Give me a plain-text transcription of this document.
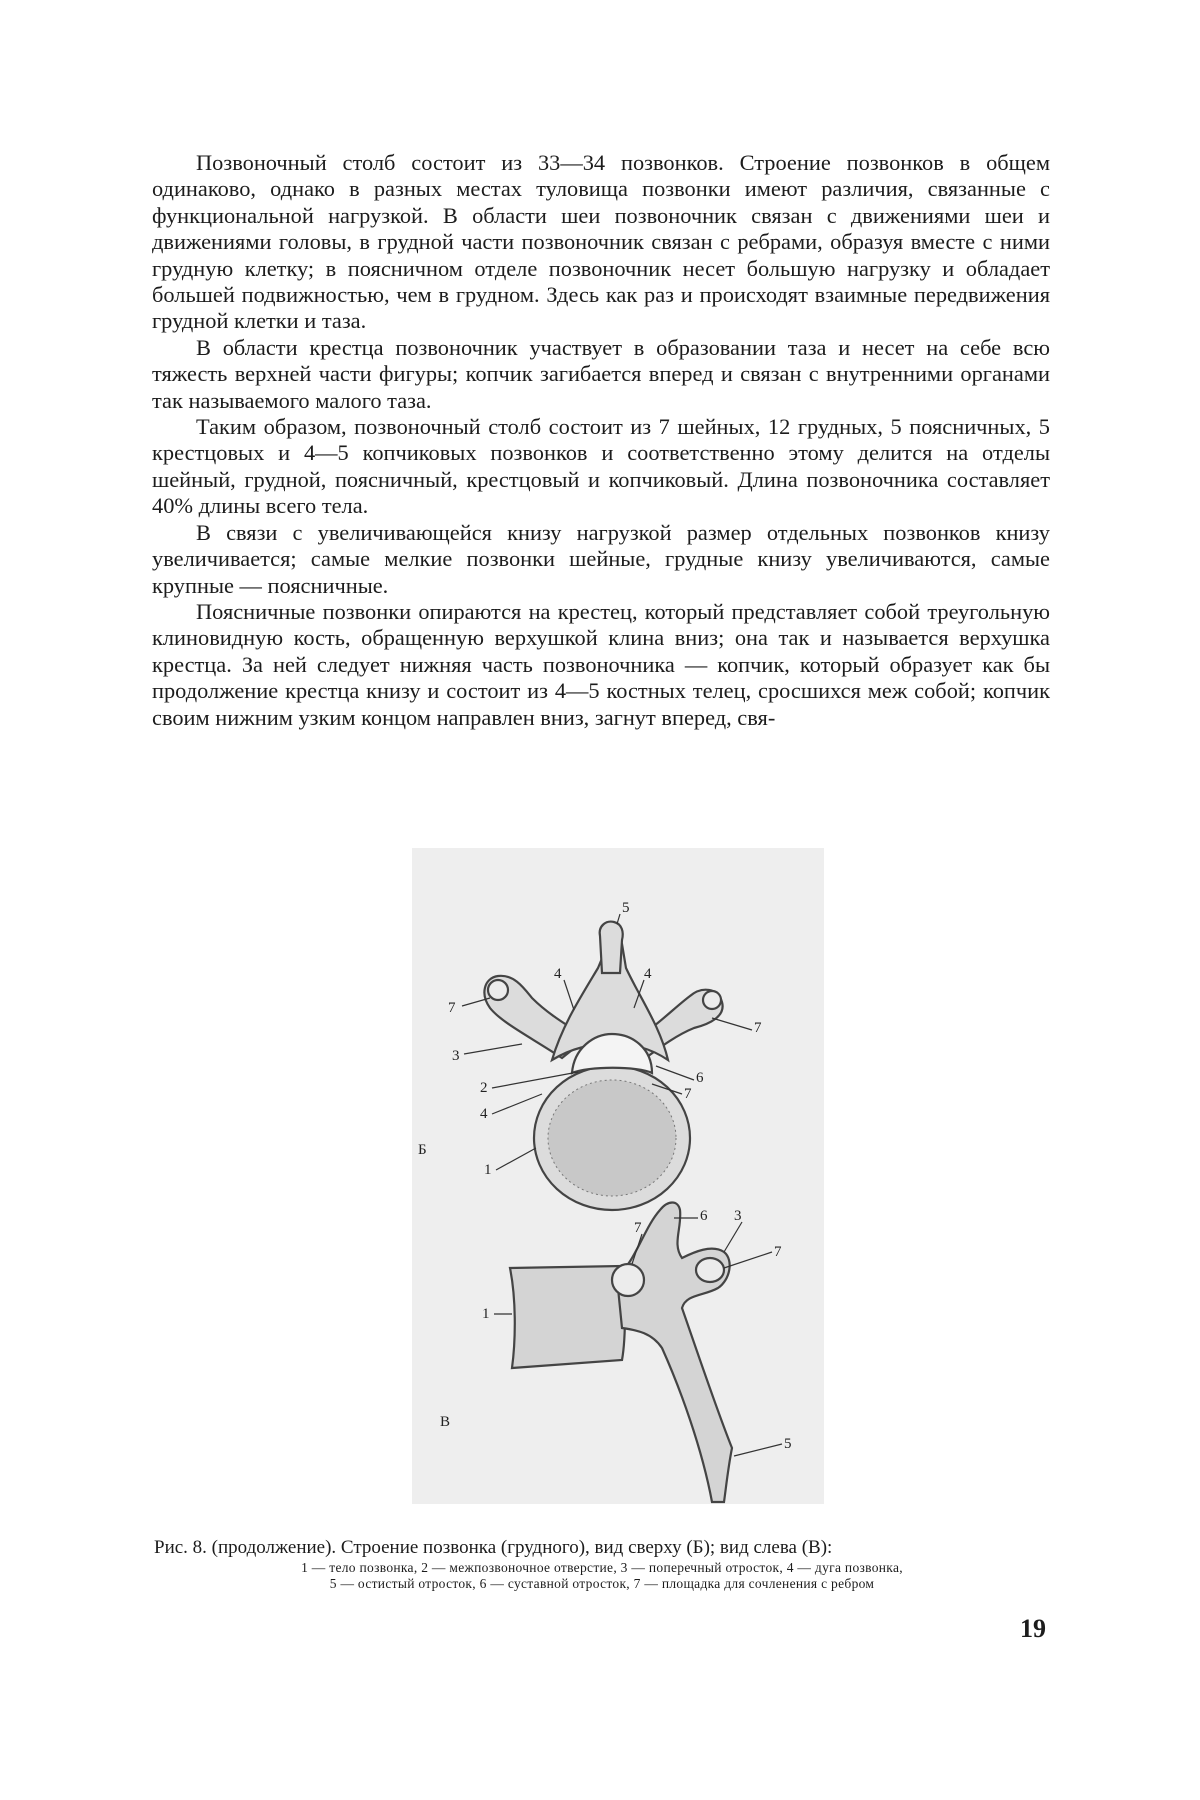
Позвоночный столб состоит из 33—34 позвонков. Строение позвонков в общем одинаково, однако в разных местах туловища позвонки имеют различия, связанные с функциональной нагрузкой. В области шеи позвоночник связан с движениями шеи и движениями головы, в грудной части позвоночник связан с ребрами, образуя вместе с ними грудную клетку; в поясничном отделе позвоночник несет большую нагрузку и обладает большей подвижностью, чем в грудном. Здесь как раз и происходят взаимные передвижения грудной клетки и таза.

В области крестца позвоночник участвует в образовании таза и несет на себе всю тяжесть верхней части фигуры; копчик загибается вперед и связан с внутренними органами так называемого малого таза.

Таким образом, позвоночный столб состоит из 7 шейных, 12 грудных, 5 поясничных, 5 крестцовых и 4—5 копчиковых позвонков и соответственно этому делится на отделы шейный, грудной, поясничный, крестцовый и копчиковый. Длина позвоночника составляет 40% длины всего тела.

В связи с увеличивающейся книзу нагрузкой размер отдельных позвонков книзу увеличивается; самые мелкие позвонки шейные, грудные книзу увеличиваются, самые крупные — поясничные.

Поясничные позвонки опираются на крестец, который представляет собой треугольную клиновидную кость, обращенную верхушкой клина вниз; она так и называется верхушка крестца. За ней следует нижняя часть позвоночника — копчик, который образует как бы продолжение крестца книзу и состоит из 4—5 костных телец, сросшихся меж собой; копчик своим нижним узким концом направлен вниз, загнут вперед, свя-

Б
В
5
4	4
7
7
3
2
6
7
4
1
6
7
3
7
1
5
Рис. 8. (продолжение). Строение позвонка (грудного), вид сверху (Б); вид слева (В):
1 — тело позвонка, 2 — межпозвоночное отверстие, 3 — поперечный отросток, 4 — дуга позвонка,
5 — остистый отросток, 6 — суставной отросток, 7 — площадка для сочленения с ребром
19
